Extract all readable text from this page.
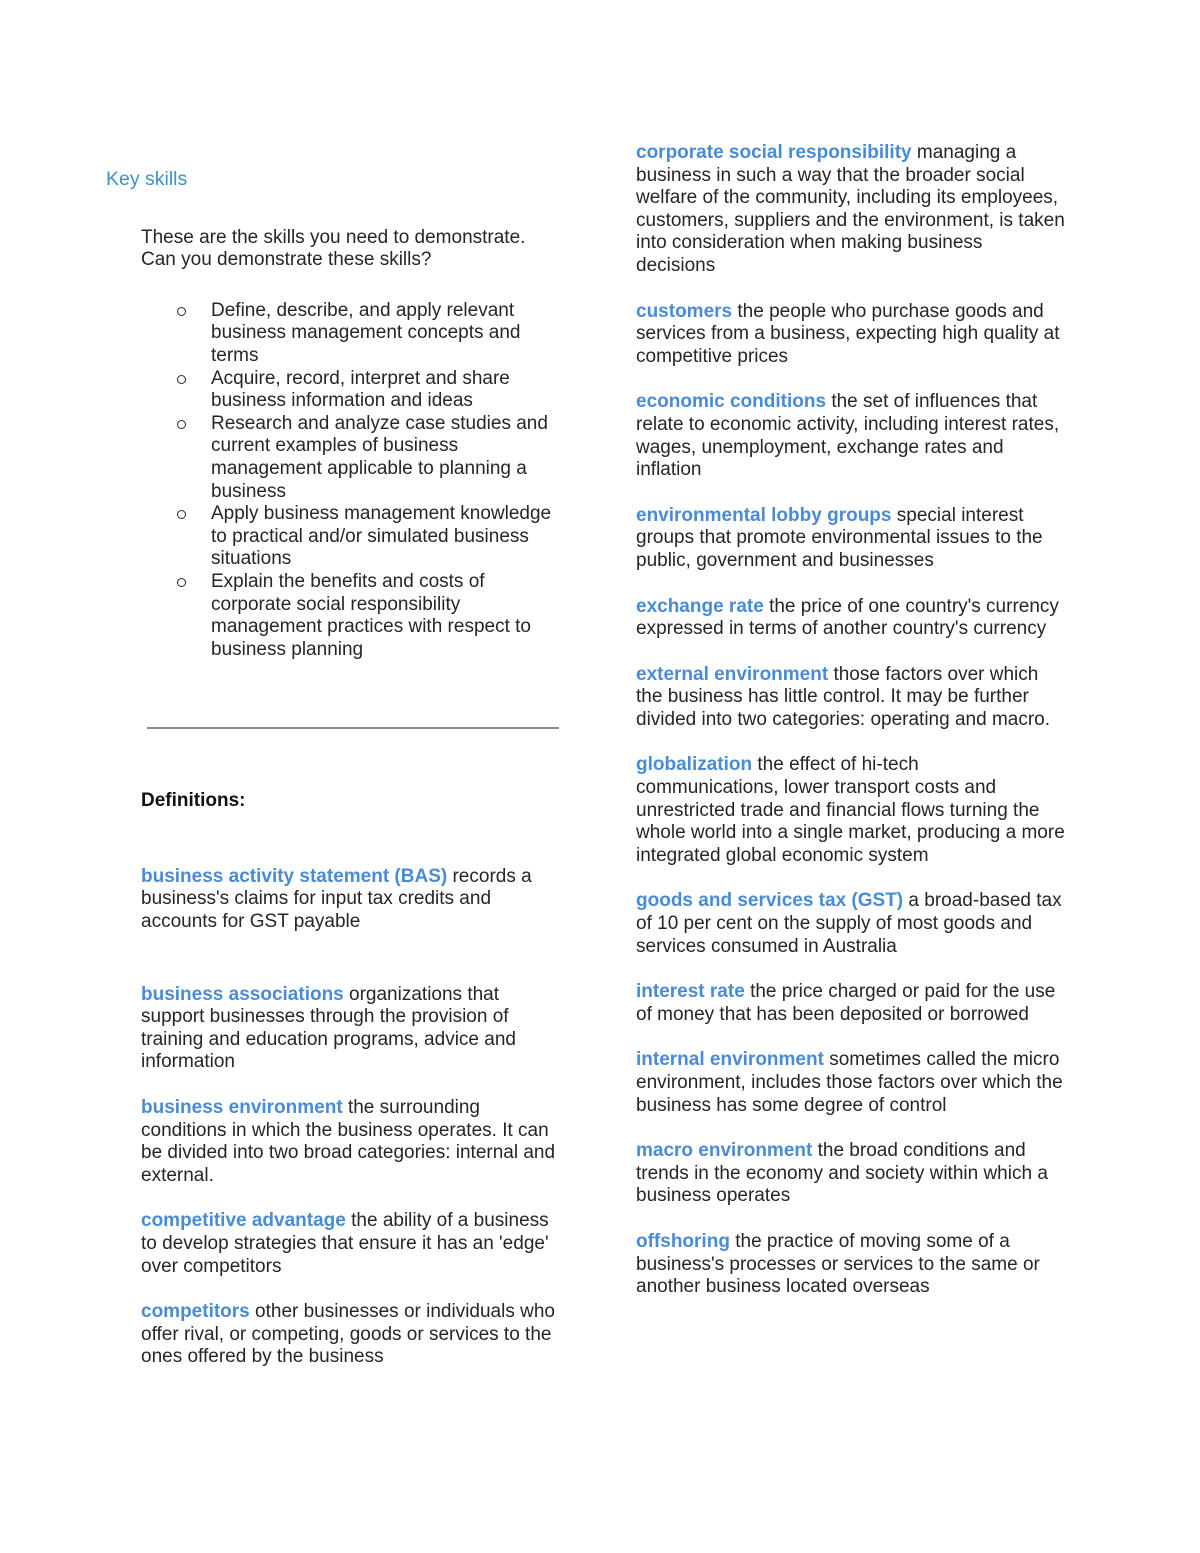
Key skills

These are the skills you need to demonstrate.

Can you demonstrate these skills?

Define, describe, and apply relevant business management concepts and terms
Acquire, record, interpret and share business information and ideas
Research and analyze case studies and current examples of business management applicable to planning a business
Apply business management knowledge to practical and/or simulated business situations
Explain the benefits and costs of corporate social responsibility management practices with respect to business planning
Definitions:
business activity statement (BAS) records a business's claims for input tax credits and accounts for GST payable
business associations organizations that support businesses through the provision of training and education programs, advice and information
business environment the surrounding conditions in which the business operates. It can be divided into two broad categories: internal and external.
competitive advantage the ability of a business to develop strategies that ensure it has an 'edge' over competitors
competitors other businesses or individuals who offer rival, or competing, goods or services to the ones offered by the business
corporate social responsibility managing a business in such a way that the broader social welfare of the community, including its employees, customers, suppliers and the environment, is taken into consideration when making business decisions
customers the people who purchase goods and services from a business, expecting high quality at competitive prices
economic conditions the set of influences that relate to economic activity, including interest rates, wages, unemployment, exchange rates and inflation
environmental lobby groups special interest groups that promote environmental issues to the public, government and businesses
exchange rate the price of one country's currency expressed in terms of another country's currency
external environment those factors over which the business has little control. It may be further divided into two categories: operating and macro.
globalization the effect of hi-tech communications, lower transport costs and unrestricted trade and financial flows turning the whole world into a single market, producing a more integrated global economic system
goods and services tax (GST) a broad-based tax of 10 per cent on the supply of most goods and services consumed in Australia
interest rate the price charged or paid for the use of money that has been deposited or borrowed
internal environment sometimes called the micro environment, includes those factors over which the business has some degree of control
macro environment the broad conditions and trends in the economy and society within which a business operates
offshoring the practice of moving some of a business's processes or services to the same or another business located overseas
